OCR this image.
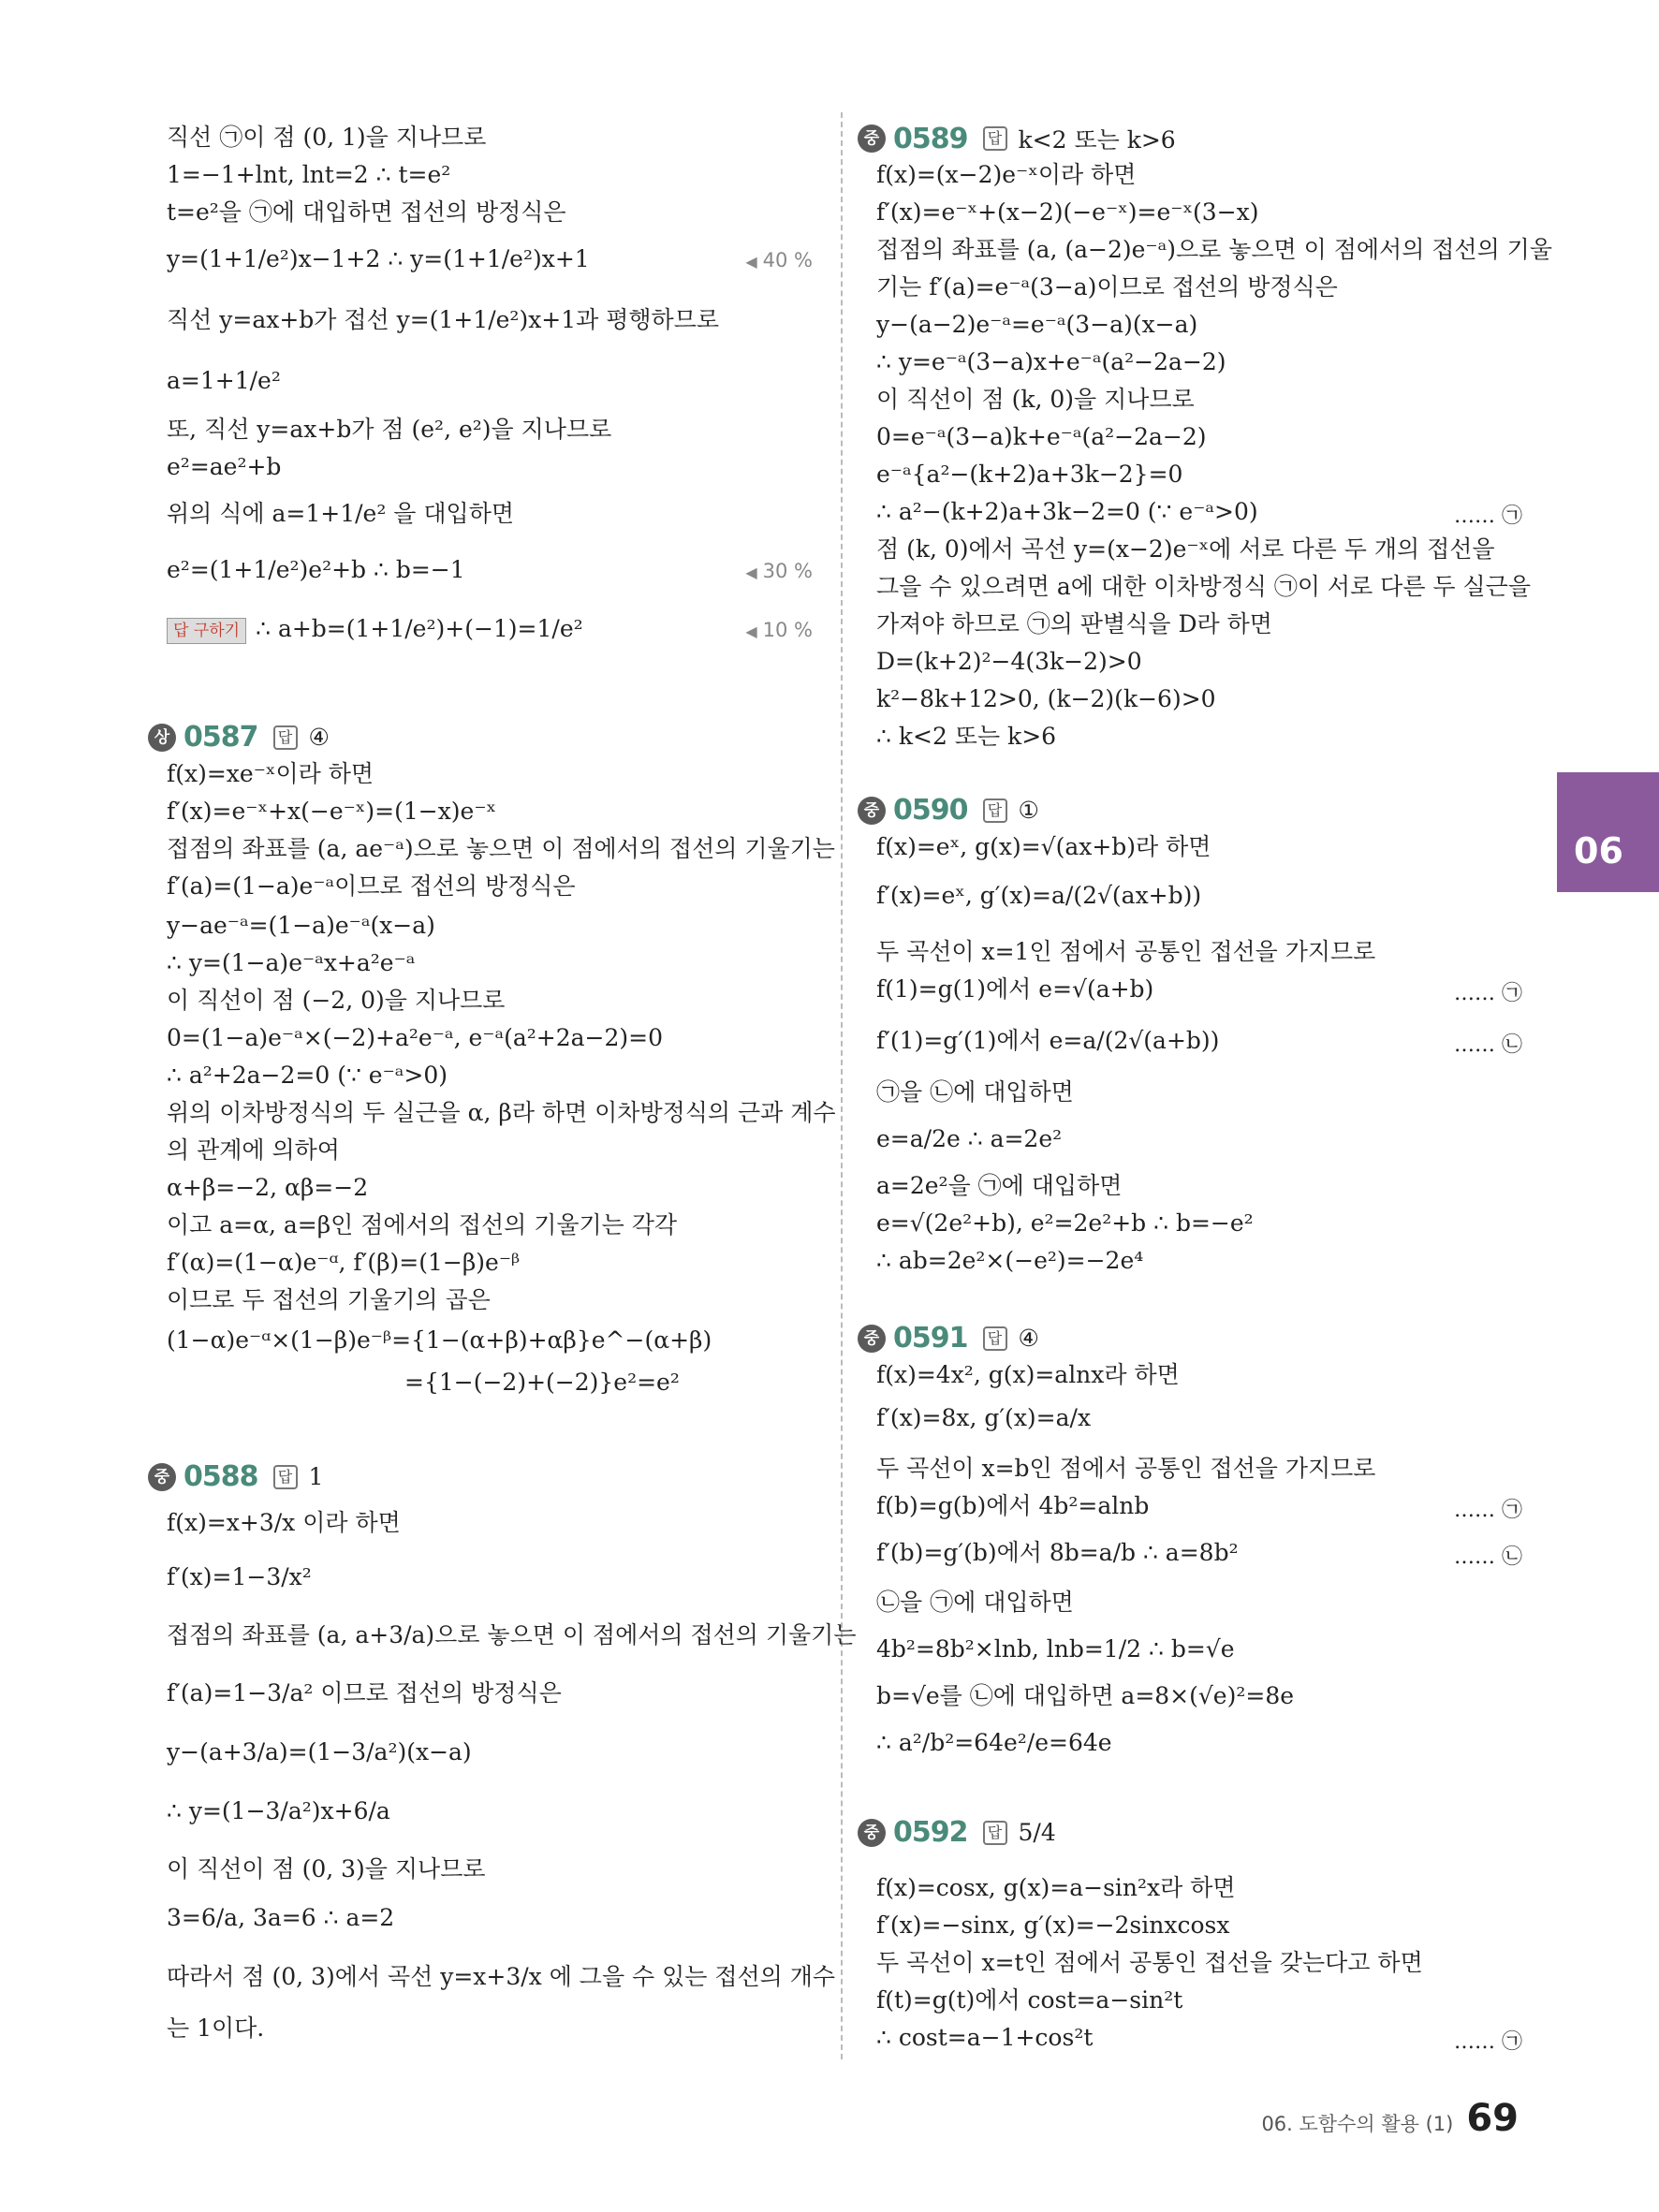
직선 ㉠이 점 (0, 1)을 지나므로
1=−1+lnt, lnt=2 ∴ t=e²
t=e²을 ㉠에 대입하면 접선의 방정식은
y=(1+1/e²)x−1+2 ∴ y=(1+1/e²)x+1	◀ 40 %
직선 y=ax+b가 접선 y=(1+1/e²)x+1과 평행하므로
a=1+1/e²
또, 직선 y=ax+b가 점 (e², e²)을 지나므로
e²=ae²+b
위의 식에 a=1+1/e² 을 대입하면
e²=(1+1/e²)e²+b ∴ b=−1	◀ 30 %
답 구하기 ∴ a+b=(1+1/e²)+(−1)=1/e²	◀ 10 %
상 0587	답 ④
f(x)=xe⁻ˣ이라 하면
f′(x)=e⁻ˣ+x(−e⁻ˣ)=(1−x)e⁻ˣ
접점의 좌표를 (a, ae⁻ᵃ)으로 놓으면 이 점에서의 접선의 기울기는
f′(a)=(1−a)e⁻ᵃ이므로 접선의 방정식은
y−ae⁻ᵃ=(1−a)e⁻ᵃ(x−a)
∴ y=(1−a)e⁻ᵃx+a²e⁻ᵃ
이 직선이 점 (−2, 0)을 지나므로
0=(1−a)e⁻ᵃ×(−2)+a²e⁻ᵃ, e⁻ᵃ(a²+2a−2)=0
∴ a²+2a−2=0 (∵ e⁻ᵃ>0)
위의 이차방정식의 두 실근을 α, β라 하면 이차방정식의 근과 계수
의 관계에 의하여
α+β=−2, αβ=−2
이고 a=α, a=β인 점에서의 접선의 기울기는 각각
f′(α)=(1−α)e⁻ᵅ, f′(β)=(1−β)e⁻ᵝ
이므로 두 접선의 기울기의 곱은
(1−α)e⁻ᵅ×(1−β)e⁻ᵝ={1−(α+β)+αβ}e^−(α+β)
={1−(−2)+(−2)}e²=e²
중 0588	답 1
f(x)=x+3/x 이라 하면
f′(x)=1−3/x²
접점의 좌표를 (a, a+3/a)으로 놓으면 이 점에서의 접선의 기울기는
f′(a)=1−3/a² 이므로 접선의 방정식은
y−(a+3/a)=(1−3/a²)(x−a)
∴ y=(1−3/a²)x+6/a
이 직선이 점 (0, 3)을 지나므로
3=6/a, 3a=6 ∴ a=2
따라서 점 (0, 3)에서 곡선 y=x+3/x 에 그을 수 있는 접선의 개수
는 1이다.
중 0589	답 k<2 또는 k>6
f(x)=(x−2)e⁻ˣ이라 하면
f′(x)=e⁻ˣ+(x−2)(−e⁻ˣ)=e⁻ˣ(3−x)
접점의 좌표를 (a, (a−2)e⁻ᵃ)으로 놓으면 이 점에서의 접선의 기울
기는 f′(a)=e⁻ᵃ(3−a)이므로 접선의 방정식은
y−(a−2)e⁻ᵃ=e⁻ᵃ(3−a)(x−a)
∴ y=e⁻ᵃ(3−a)x+e⁻ᵃ(a²−2a−2)
이 직선이 점 (k, 0)을 지나므로
0=e⁻ᵃ(3−a)k+e⁻ᵃ(a²−2a−2)
e⁻ᵃ{a²−(k+2)a+3k−2}=0
∴ a²−(k+2)a+3k−2=0 (∵ e⁻ᵃ>0)	…… ㉠
점 (k, 0)에서 곡선 y=(x−2)e⁻ˣ에 서로 다른 두 개의 접선을
그을 수 있으려면 a에 대한 이차방정식 ㉠이 서로 다른 두 실근을
가져야 하므로 ㉠의 판별식을 D라 하면
D=(k+2)²−4(3k−2)>0
k²−8k+12>0, (k−2)(k−6)>0
∴ k<2 또는 k>6
중 0590	답 ①
f(x)=eˣ, g(x)=√(ax+b)라 하면
f′(x)=eˣ, g′(x)=a/(2√(ax+b))
두 곡선이 x=1인 점에서 공통인 접선을 가지므로
f(1)=g(1)에서 e=√(a+b)	…… ㉠
f′(1)=g′(1)에서 e=a/(2√(a+b))	…… ㉡
㉠을 ㉡에 대입하면
e=a/2e ∴ a=2e²
a=2e²을 ㉠에 대입하면
e=√(2e²+b), e²=2e²+b ∴ b=−e²
∴ ab=2e²×(−e²)=−2e⁴
중 0591	답 ④
f(x)=4x², g(x)=alnx라 하면
f′(x)=8x, g′(x)=a/x
두 곡선이 x=b인 점에서 공통인 접선을 가지므로
f(b)=g(b)에서 4b²=alnb	…… ㉠
f′(b)=g′(b)에서 8b=a/b ∴ a=8b²	…… ㉡
㉡을 ㉠에 대입하면
4b²=8b²×lnb, lnb=1/2 ∴ b=√e
b=√e를 ㉡에 대입하면 a=8×(√e)²=8e
∴ a²/b²=64e²/e=64e
중 0592	답 5/4
f(x)=cosx, g(x)=a−sin²x라 하면
f′(x)=−sinx, g′(x)=−2sinxcosx
두 곡선이 x=t인 점에서 공통인 접선을 갖는다고 하면
f(t)=g(t)에서 cost=a−sin²t
∴ cost=a−1+cos²t	…… ㉠
06
06. 도함수의 활용 (1) 69
